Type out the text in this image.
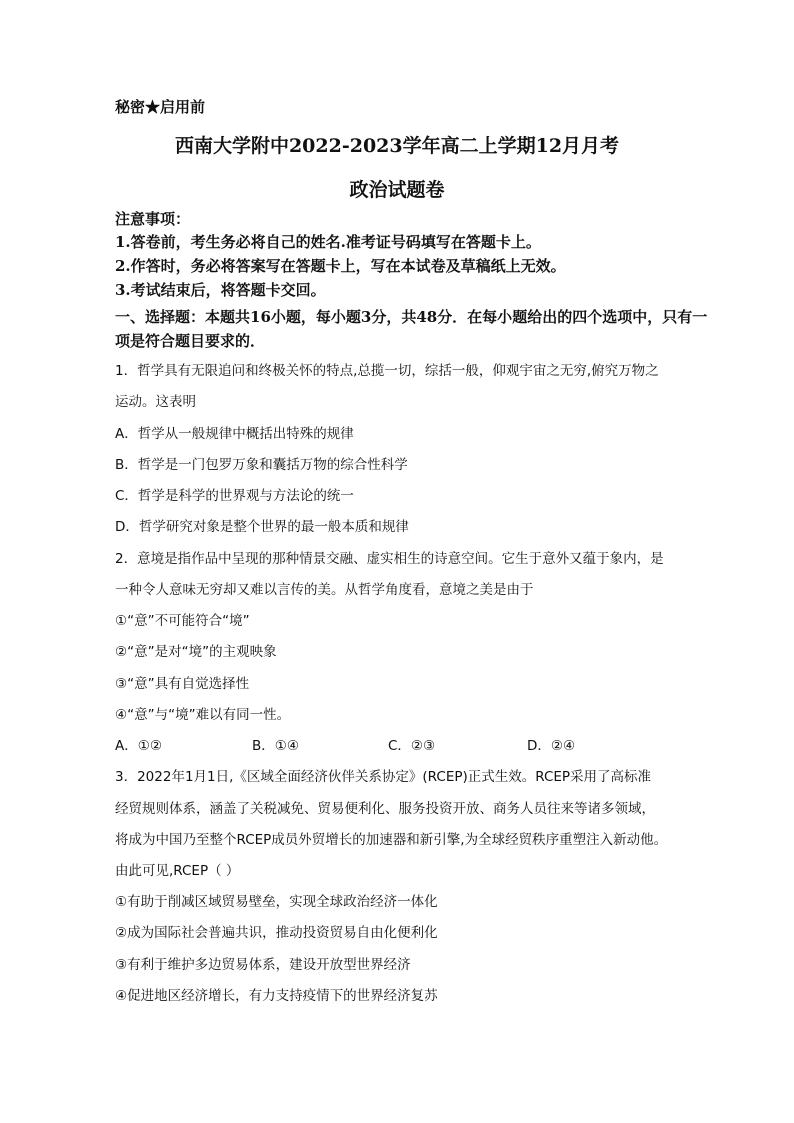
秘密★启用前
西南大学附中2022-2023学年高二上学期12月月考
政治试题卷
注意事项：
1.答卷前，考生务必将自己的姓名.准考证号码填写在答题卡上。
2.作答时，务必将答案写在答题卡上，写在本试卷及草稿纸上无效。
3.考试结束后，将答题卡交回。
一、选择题：本题共16小题，每小题3分，共48分．在每小题给出的四个选项中，只有一
项是符合题目要求的．
1．哲学具有无限追问和终极关怀的特点,总揽一切，综括一般，仰观宇宙之无穷,俯究万物之
运动。这表明
A．哲学从一般规律中概括出特殊的规律
B．哲学是一门包罗万象和囊括万物的综合性科学
C．哲学是科学的世界观与方法论的统一
D．哲学研究对象是整个世界的最一般本质和规律
2．意境是指作品中呈现的那种情景交融、虚实相生的诗意空间。它生于意外又蕴于象内，是
一种令人意味无穷却又难以言传的美。从哲学角度看，意境之美是由于
①“意”不可能符合“境”
②“意”是对“境”的主观映象
③“意”具有自觉选择性
④“意”与“境”难以有同一性。
A．①②	B．①④	C．②③	D．②④
3．2022年1月1日,《区域全面经济伙伴关系协定》(RCEP)正式生效。RCEP采用了高标准
经贸规则体系，涵盖了关税减免、贸易便利化、服务投资开放、商务人员往来等诸多领域，
将成为中国乃至整个RCEP成员外贸增长的加速器和新引擎,为全球经贸秩序重塑注入新动他。
由此可见,RCEP（ ）
①有助于削减区域贸易壁垒，实现全球政治经济一体化
②成为国际社会普遍共识，推动投资贸易自由化便利化
③有利于维护多边贸易体系，建设开放型世界经济
④促进地区经济增长，有力支持疫情下的世界经济复苏
